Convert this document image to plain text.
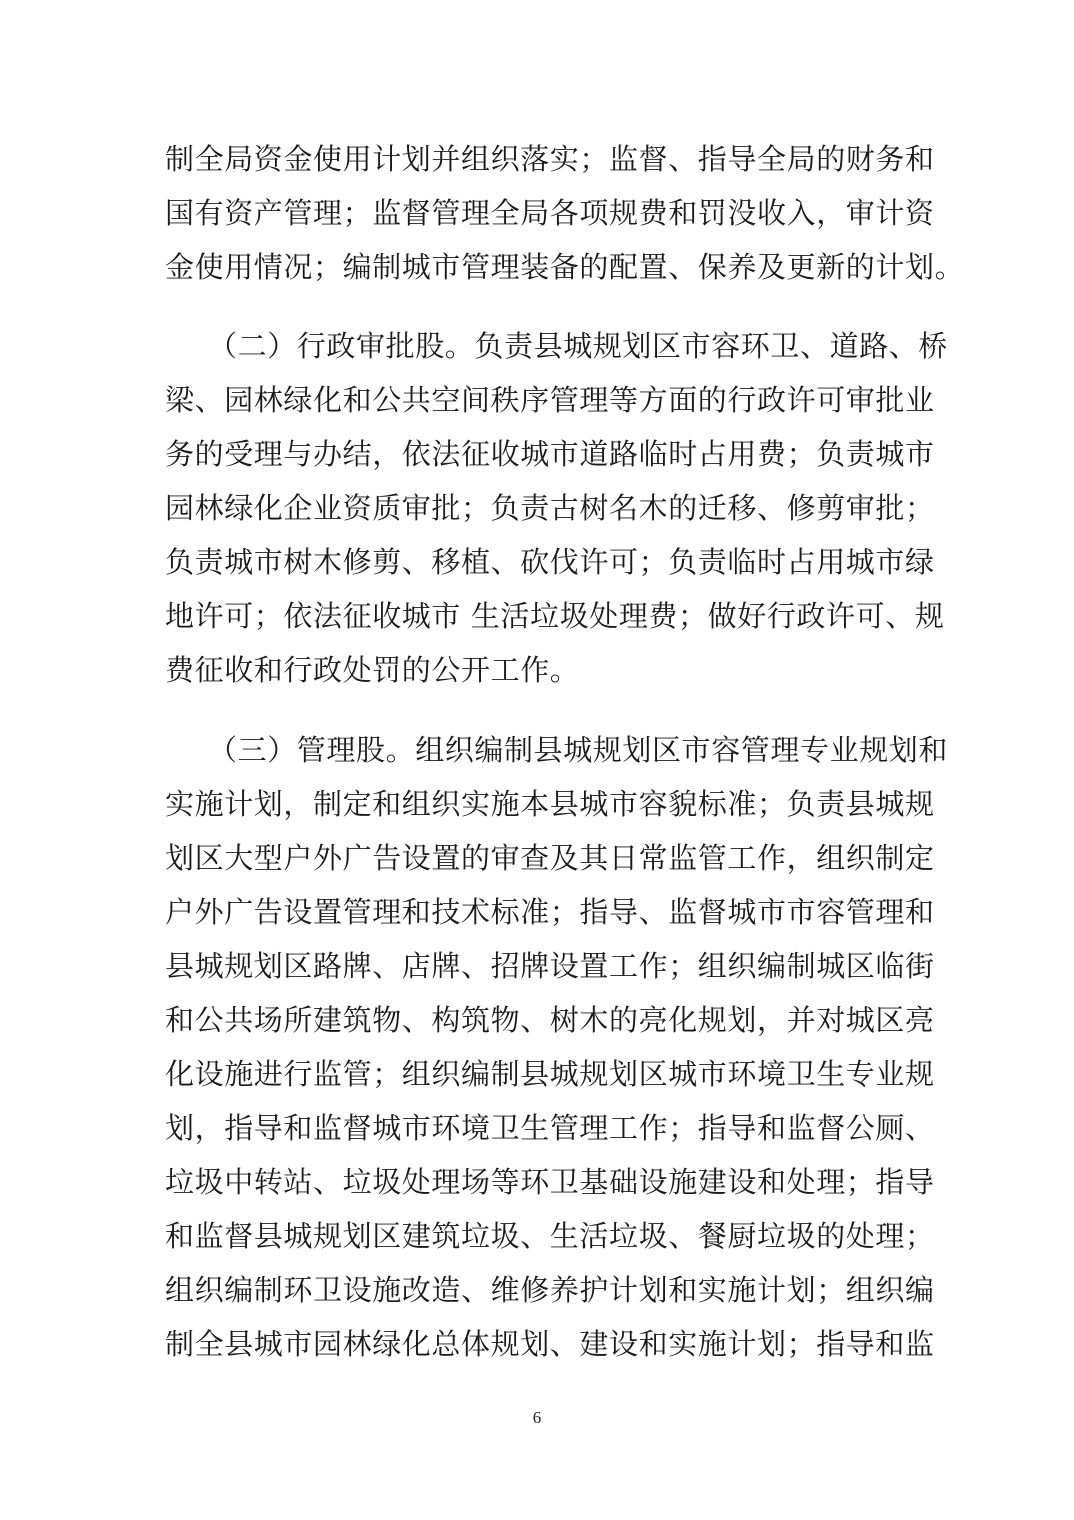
制全局资金使用计划并组织落实；监督、指导全局的财务和
国有资产管理；监督管理全局各项规费和罚没收入，审计资
金使用情况；编制城市管理装备的配置、保养及更新的计划。
（二）行政审批股。负责县城规划区市容环卫、道路、桥
梁、园林绿化和公共空间秩序管理等方面的行政许可审批业
务的受理与办结，依法征收城市道路临时占用费；负责城市
园林绿化企业资质审批；负责古树名木的迁移、修剪审批；
负责城市树木修剪、移植、砍伐许可；负责临时占用城市绿
地许可；依法征收城市 生活垃圾处理费；做好行政许可、规
费征收和行政处罚的公开工作。
（三）管理股。组织编制县城规划区市容管理专业规划和
实施计划，制定和组织实施本县城市容貌标准；负责县城规
划区大型户外广告设置的审查及其日常监管工作，组织制定
户外广告设置管理和技术标准；指导、监督城市市容管理和
县城规划区路牌、店牌、招牌设置工作；组织编制城区临街
和公共场所建筑物、构筑物、树木的亮化规划，并对城区亮
化设施进行监管；组织编制县城规划区城市环境卫生专业规
划，指导和监督城市环境卫生管理工作；指导和监督公厕、
垃圾中转站、垃圾处理场等环卫基础设施建设和处理；指导
和监督县城规划区建筑垃圾、生活垃圾、餐厨垃圾的处理；
组织编制环卫设施改造、维修养护计划和实施计划；组织编
制全县城市园林绿化总体规划、建设和实施计划；指导和监
6
